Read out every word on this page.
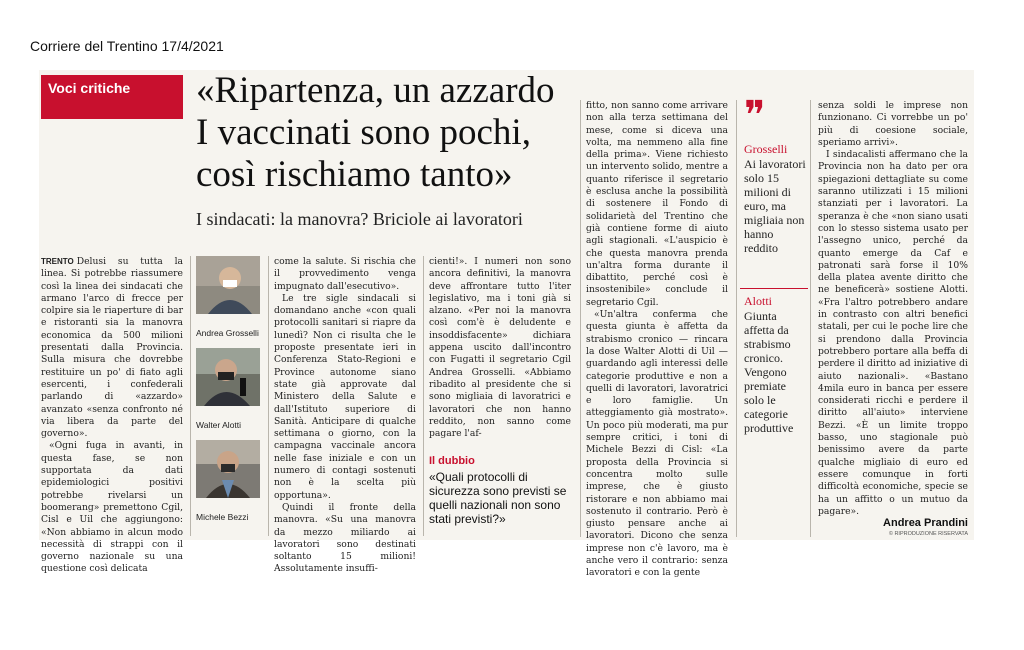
Corriere del Trentino 17/4/2021
Voci critiche	«Ripartenza, un azzardo
I vaccinati sono pochi,
così rischiamo tanto»
I sindacati: la manovra? Briciole ai lavoratori

TRENTO Delusi su tutta la linea. Si potrebbe riassumere così la linea dei sindacati che armano l'arco di frecce per colpire sia le riaperture di bar e ristoranti sia la manovra economica da 500 milioni presentati dalla Provincia. Sulla misura che dovrebbe restituire un po' di fiato agli esercenti, i confederali parlando di «azzardo» avanzato «senza confronto né via libera da parte del governo».

«Ogni fuga in avanti, in questa fase, se non supportata da dati epidemiologici positivi potrebbe rivelarsi un boomerang» premettono Cgil, Cisl e Uil che aggiungono: «Non abbiamo in alcun modo necessità di strappi con il governo nazionale su una questione così delicata

Andrea Grosselli
Walter Alotti
Michele Bezzi

come la salute. Si rischia che il provvedimento venga impugnato dall'esecutivo».

Le tre sigle sindacali si domandano anche «con quali protocolli sanitari si riapre da lunedì? Non ci risulta che le proposte presentate ieri in Conferenza Stato-Regioni e Province autonome siano state già approvate dal Ministero della Salute e dall'Istituto superiore di Sanità. Anticipare di qualche settimana o giorno, con la campagna vaccinale ancora nelle fase iniziale e con un numero di contagi sostenuti non è la scelta più opportuna».

Quindi il fronte della manovra. «Su una manovra da mezzo miliardo ai lavoratori sono destinati soltanto 15 milioni! Assolutamente insuffi-

cienti!». I numeri non sono ancora definitivi, la manovra deve affrontare tutto l'iter legislativo, ma i toni già si alzano. «Per noi la manovra così com'è è deludente e insoddisfacente» dichiara appena uscito dall'incontro con Fugatti il segretario Cgil Andrea Grosselli. «Abbiamo ribadito al presidente che si sono migliaia di lavoratrici e lavoratori che non hanno reddito, non sanno come pagare l'af-

Il dubbio
«Quali protocolli di sicurezza sono previsti se quelli nazionali non sono stati previsti?»

fitto, non sanno come arrivare non alla terza settimana del mese, come si diceva una volta, ma nemmeno alla fine della prima». Viene richiesto un intervento solido, mentre a quanto riferisce il segretario è esclusa anche la possibilità di sostenere il Fondo di solidarietà del Trentino che già contiene forme di aiuto agli stagionali. «L'auspicio è che questa manovra prenda un'altra forma durante il dibattito, perché così è insostenibile» conclude il segretario Cgil.

«Un'altra conferma che questa giunta è affetta da strabismo cronico — rincara la dose Walter Alotti di Uil — guardando agli interessi delle categorie produttive e non a quelli di lavoratori, lavoratrici e loro famiglie. Un atteggiamento già mostrato». Un poco più moderati, ma pur sempre critici, i toni di Michele Bezzi di Cisl: «La proposta della Provincia si concentra molto sulle imprese, che è giusto ristorare e non abbiamo mai sostenuto il contrario. Però è giusto pensare anche ai lavoratori. Dicono che senza imprese non c'è lavoro, ma è anche vero il contrario: senza lavoratori e con la gente

❞
Grosselli
Ai lavoratori solo 15 milioni di euro, ma migliaia non hanno reddito
Alotti
Giunta affetta da strabismo cronico. Vengono premiate solo le categorie produttive

senza soldi le imprese non funzionano. Ci vorrebbe un po' più di coesione sociale, speriamo arrivi».

I sindacalisti affermano che la Provincia non ha dato per ora spiegazioni dettagliate su come saranno utilizzati i 15 milioni stanziati per i lavoratori. La speranza è che «non siano usati con lo stesso sistema usato per l'assegno unico, perché da quanto emerge da Caf e patronati sarà forse il 10% della platea avente diritto che ne beneficerà» sostiene Alotti. «Fra l'altro potrebbero andare in contrasto con altri benefici statali, per cui le poche lire che si prendono dalla Provincia potrebbero portare alla beffa di perdere il diritto ad iniziative di aiuto nazionali». «Bastano 4mila euro in banca per essere considerati ricchi e perdere il diritto all'aiuto» interviene Bezzi. «È un limite troppo basso, uno stagionale può benissimo avere da parte qualche migliaio di euro ed essere comunque in forti difficoltà economiche, specie se ha un affitto o un mutuo da pagare».

Andrea Prandini
© RIPRODUZIONE RISERVATA
